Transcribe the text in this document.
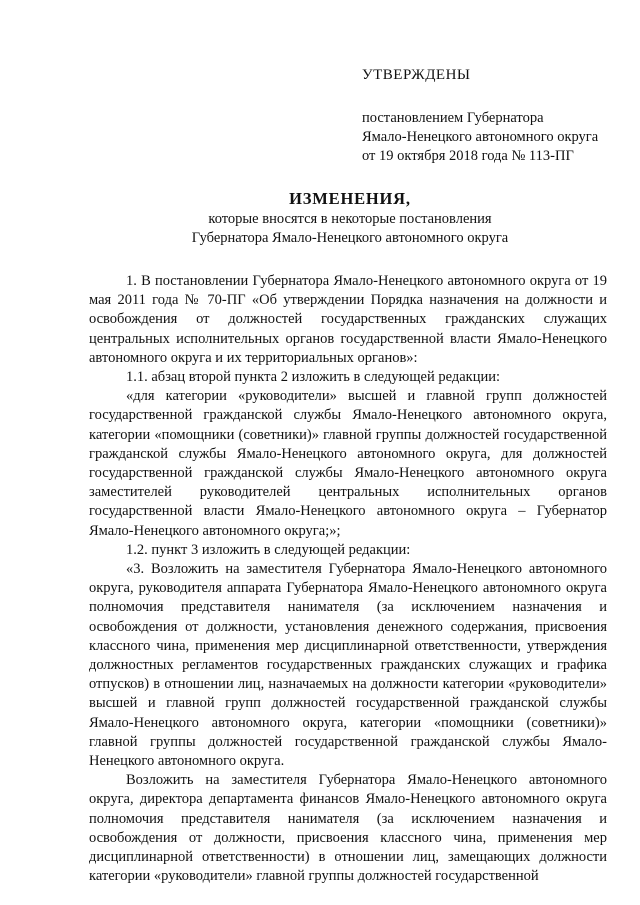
УТВЕРЖДЕНЫ
постановлением Губернатора
Ямало-Ненецкого автономного округа
от 19 октября 2018 года № 113-ПГ
ИЗМЕНЕНИЯ,
которые вносятся в некоторые постановления
Губернатора Ямало-Ненецкого автономного округа

1. В постановлении Губернатора Ямало-Ненецкого автономного округа от 19 мая 2011 года № 70-ПГ «Об утверждении Порядка назначения на должности и освобождения от должностей государственных гражданских служащих центральных исполнительных органов государственной власти Ямало-Ненецкого автономного округа и их территориальных органов»:

1.1. абзац второй пункта 2 изложить в следующей редакции:

«для категории «руководители» высшей и главной групп должностей государственной гражданской службы Ямало-Ненецкого автономного округа, категории «помощники (советники)» главной группы должностей государственной гражданской службы Ямало-Ненецкого автономного округа, для должностей государственной гражданской службы Ямало-Ненецкого автономного округа заместителей руководителей центральных исполнительных органов государственной власти Ямало-Ненецкого автономного округа – Губернатор Ямало-Ненецкого автономного округа;»;

1.2. пункт 3 изложить в следующей редакции:

«3. Возложить на заместителя Губернатора Ямало-Ненецкого автономного округа, руководителя аппарата Губернатора Ямало-Ненецкого автономного округа полномочия представителя нанимателя (за исключением назначения и освобождения от должности, установления денежного содержания, присвоения классного чина, применения мер дисциплинарной ответственности, утверждения должностных регламентов государственных гражданских служащих и графика отпусков) в отношении лиц, назначаемых на должности категории «руководители» высшей и главной групп должностей государственной гражданской службы Ямало-Ненецкого автономного округа, категории «помощники (советники)» главной группы должностей государственной гражданской службы Ямало-Ненецкого автономного округа.

Возложить на заместителя Губернатора Ямало-Ненецкого автономного округа, директора департамента финансов Ямало-Ненецкого автономного округа полномочия представителя нанимателя (за исключением назначения и освобождения от должности, присвоения классного чина, применения мер дисциплинарной ответственности) в отношении лиц, замещающих должности категории «руководители» главной группы должностей государственной
